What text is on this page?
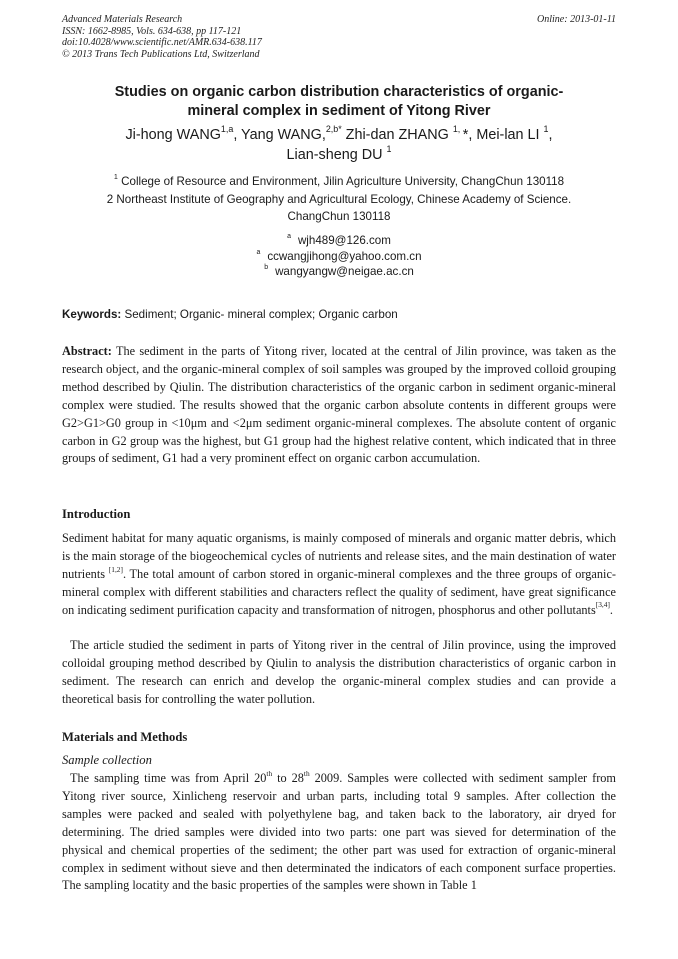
Advanced Materials Research
ISSN: 1662-8985, Vols. 634-638, pp 117-121
doi:10.4028/www.scientific.net/AMR.634-638.117
© 2013 Trans Tech Publications Ltd, Switzerland
Online: 2013-01-11
Studies on organic carbon distribution characteristics of organic-
mineral complex in sediment of Yitong River
Ji-hong WANG$^{1,a}$, Yang WANG,$^{2,b*}$ Zhi-dan ZHANG $^{1,}$ *, Mei-lan LI $^1$,
Lian-sheng DU $^1$
$^1$ College of Resource and Environment, Jilin Agriculture University, ChangChun 130118
2 Northeast Institute of Geography and Agricultural Ecology, Chinese Academy of Science.
ChangChun 130118
$^a$ wjh489@126.com
$^a$ ccwangjihong@yahoo.com.cn
$^b$ wangyangw@neigae.ac.cn
Keywords: Sediment; Organic- mineral complex; Organic carbon
Abstract: The sediment in the parts of Yitong river, located at the central of Jilin province, was taken as the research object, and the organic-mineral complex of soil samples was grouped by the improved colloid grouping method described by Qiulin. The distribution characteristics of the organic carbon in sediment organic-mineral complex were studied. The results showed that the organic carbon absolute contents in different groups were G2>G1>G0 group in <10μm and <2μm sediment organic-mineral complexes. The absolute content of organic carbon in G2 group was the highest, but G1 group had the highest relative content, which indicated that in three groups of sediment, G1 had a very prominent effect on organic carbon accumulation.
Introduction
Sediment habitat for many aquatic organisms, is mainly composed of minerals and organic matter debris, which is the main storage of the biogeochemical cycles of nutrients and release sites, and the main destination of water nutrients [1,2]. The total amount of carbon stored in organic-mineral complexes and the three groups of organic-mineral complex with different stabilities and characters reflect the quality of sediment, have great significance on indicating sediment purification capacity and transformation of nitrogen, phosphorus and other pollutants[3,4].
The article studied the sediment in parts of Yitong river in the central of Jilin province, using the improved colloidal grouping method described by Qiulin to analysis the distribution characteristics of organic carbon in sediment. The research can enrich and develop the organic-mineral complex studies and can provide a theoretical basis for controlling the water pollution.
Materials and Methods
Sample collection
The sampling time was from April 20th to 28th 2009. Samples were collected with sediment sampler from Yitong river source, Xinlicheng reservoir and urban parts, including total 9 samples. After collection the samples were packed and sealed with polyethylene bag, and taken back to the laboratory, air dryed for determining. The dried samples were divided into two parts: one part was sieved for determination of the physical and chemical properties of the sediment; the other part was used for extraction of organic-mineral complex in sediment without sieve and then determinated the indicators of each component surface properties. The sampling locatity and the basic properties of the samples were shown in Table 1
